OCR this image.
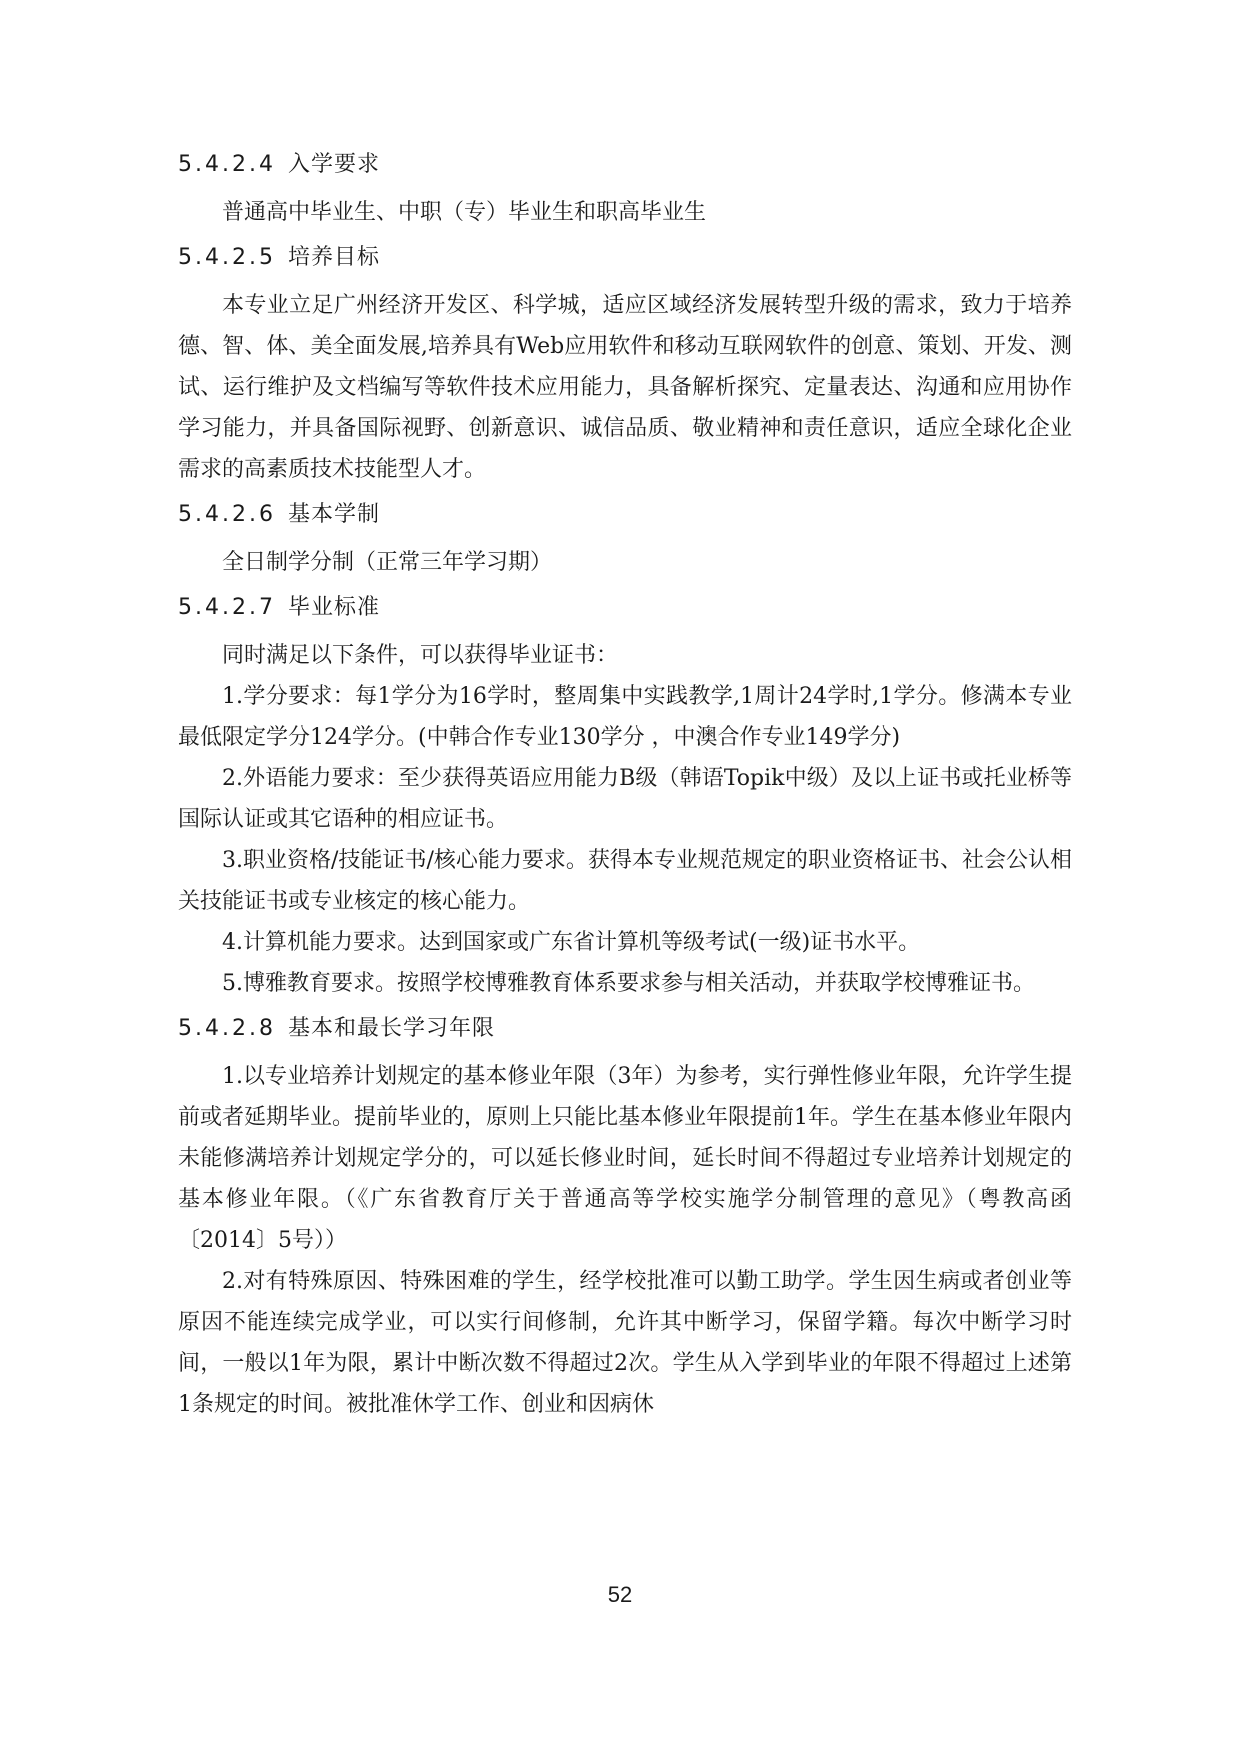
5.4.2.4 入学要求

普通高中毕业生、中职（专）毕业生和职高毕业生

5.4.2.5 培养目标

本专业立足广州经济开发区、科学城，适应区域经济发展转型升级的需求，致力于培养德、智、体、美全面发展,培养具有Web应用软件和移动互联网软件的创意、策划、开发、测试、运行维护及文档编写等软件技术应用能力，具备解析探究、定量表达、沟通和应用协作学习能力，并具备国际视野、创新意识、诚信品质、敬业精神和责任意识，适应全球化企业需求的高素质技术技能型人才。

5.4.2.6 基本学制

全日制学分制（正常三年学习期）

5.4.2.7 毕业标准

同时满足以下条件，可以获得毕业证书：

1.学分要求：每1学分为16学时，整周集中实践教学,1周计24学时,1学分。修满本专业最低限定学分124学分。(中韩合作专业130学分 ，中澳合作专业149学分)

2.外语能力要求：至少获得英语应用能力B级（韩语Topik中级）及以上证书或托业桥等国际认证或其它语种的相应证书。

3.职业资格/技能证书/核心能力要求。获得本专业规范规定的职业资格证书、社会公认相关技能证书或专业核定的核心能力。

4.计算机能力要求。达到国家或广东省计算机等级考试(一级)证书水平。

5.博雅教育要求。按照学校博雅教育体系要求参与相关活动，并获取学校博雅证书。

5.4.2.8 基本和最长学习年限

1.以专业培养计划规定的基本修业年限（3年）为参考，实行弹性修业年限，允许学生提前或者延期毕业。提前毕业的，原则上只能比基本修业年限提前1年。学生在基本修业年限内未能修满培养计划规定学分的，可以延长修业时间，延长时间不得超过专业培养计划规定的基本修业年限。（《广东省教育厅关于普通高等学校实施学分制管理的意见》（粤教高函〔2014〕5号））

2.对有特殊原因、特殊困难的学生，经学校批准可以勤工助学。学生因生病或者创业等原因不能连续完成学业，可以实行间修制，允许其中断学习，保留学籍。每次中断学习时间，一般以1年为限，累计中断次数不得超过2次。学生从入学到毕业的年限不得超过上述第1条规定的时间。被批准休学工作、创业和因病休

52
